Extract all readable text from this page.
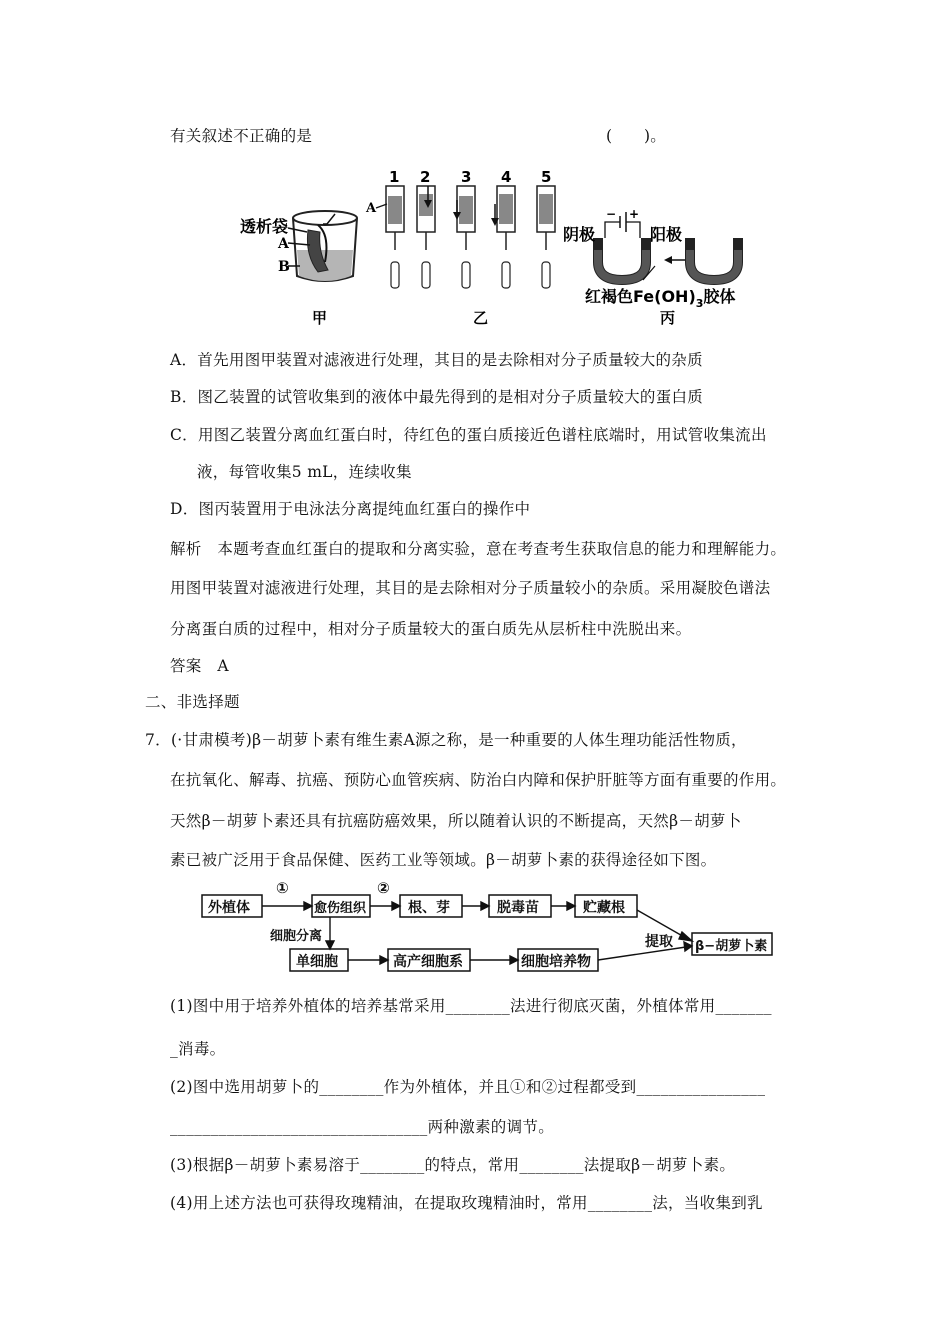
有关叙述不正确的是	(　　)。
透析袋
A
B
A
1 2 3 4 5
− +
阴极	阳极
红褐色$Fe(OH)_3$胶体
甲	乙	丙
A．首先用图甲装置对滤液进行处理，其目的是去除相对分子质量较大的杂质
B．图乙装置的试管收集到的液体中最先得到的是相对分子质量较大的蛋白质
C．用图乙装置分离血红蛋白时，待红色的蛋白质接近色谱柱底端时，用试管收集流出
液，每管收集5 mL，连续收集
D．图丙装置用于电泳法分离提纯血红蛋白的操作中
解析　本题考查血红蛋白的提取和分离实验，意在考查考生获取信息的能力和理解能力。
用图甲装置对滤液进行处理，其目的是去除相对分子质量较小的杂质。采用凝胶色谱法
分离蛋白质的过程中，相对分子质量较大的蛋白质先从层析柱中洗脱出来。
答案　A
二、非选择题
7．(·甘肃模考)β－胡萝卜素有维生素A源之称，是一种重要的人体生理功能活性物质，
在抗氧化、解毒、抗癌、预防心血管疾病、防治白内障和保护肝脏等方面有重要的作用。
天然β－胡萝卜素还具有抗癌防癌效果，所以随着认识的不断提高，天然β－胡萝卜
素已被广泛用于食品保健、医药工业等领域。β－胡萝卜素的获得途径如下图。
外植体	愈伤组织	根、芽	脱毒苗	贮藏根
单细胞	高产细胞系	细胞培养物
β−胡萝卜素
①	②
细胞分离	提取
(1)图中用于培养外植体的培养基常采用________法进行彻底灭菌，外植体常用_______
_消毒。
(2)图中选用胡萝卜的________作为外植体，并且①和②过程都受到________________
________________________________两种激素的调节。
(3)根据β－胡萝卜素易溶于________的特点，常用________法提取β－胡萝卜素。
(4)用上述方法也可获得玫瑰精油，在提取玫瑰精油时，常用________法，当收集到乳
